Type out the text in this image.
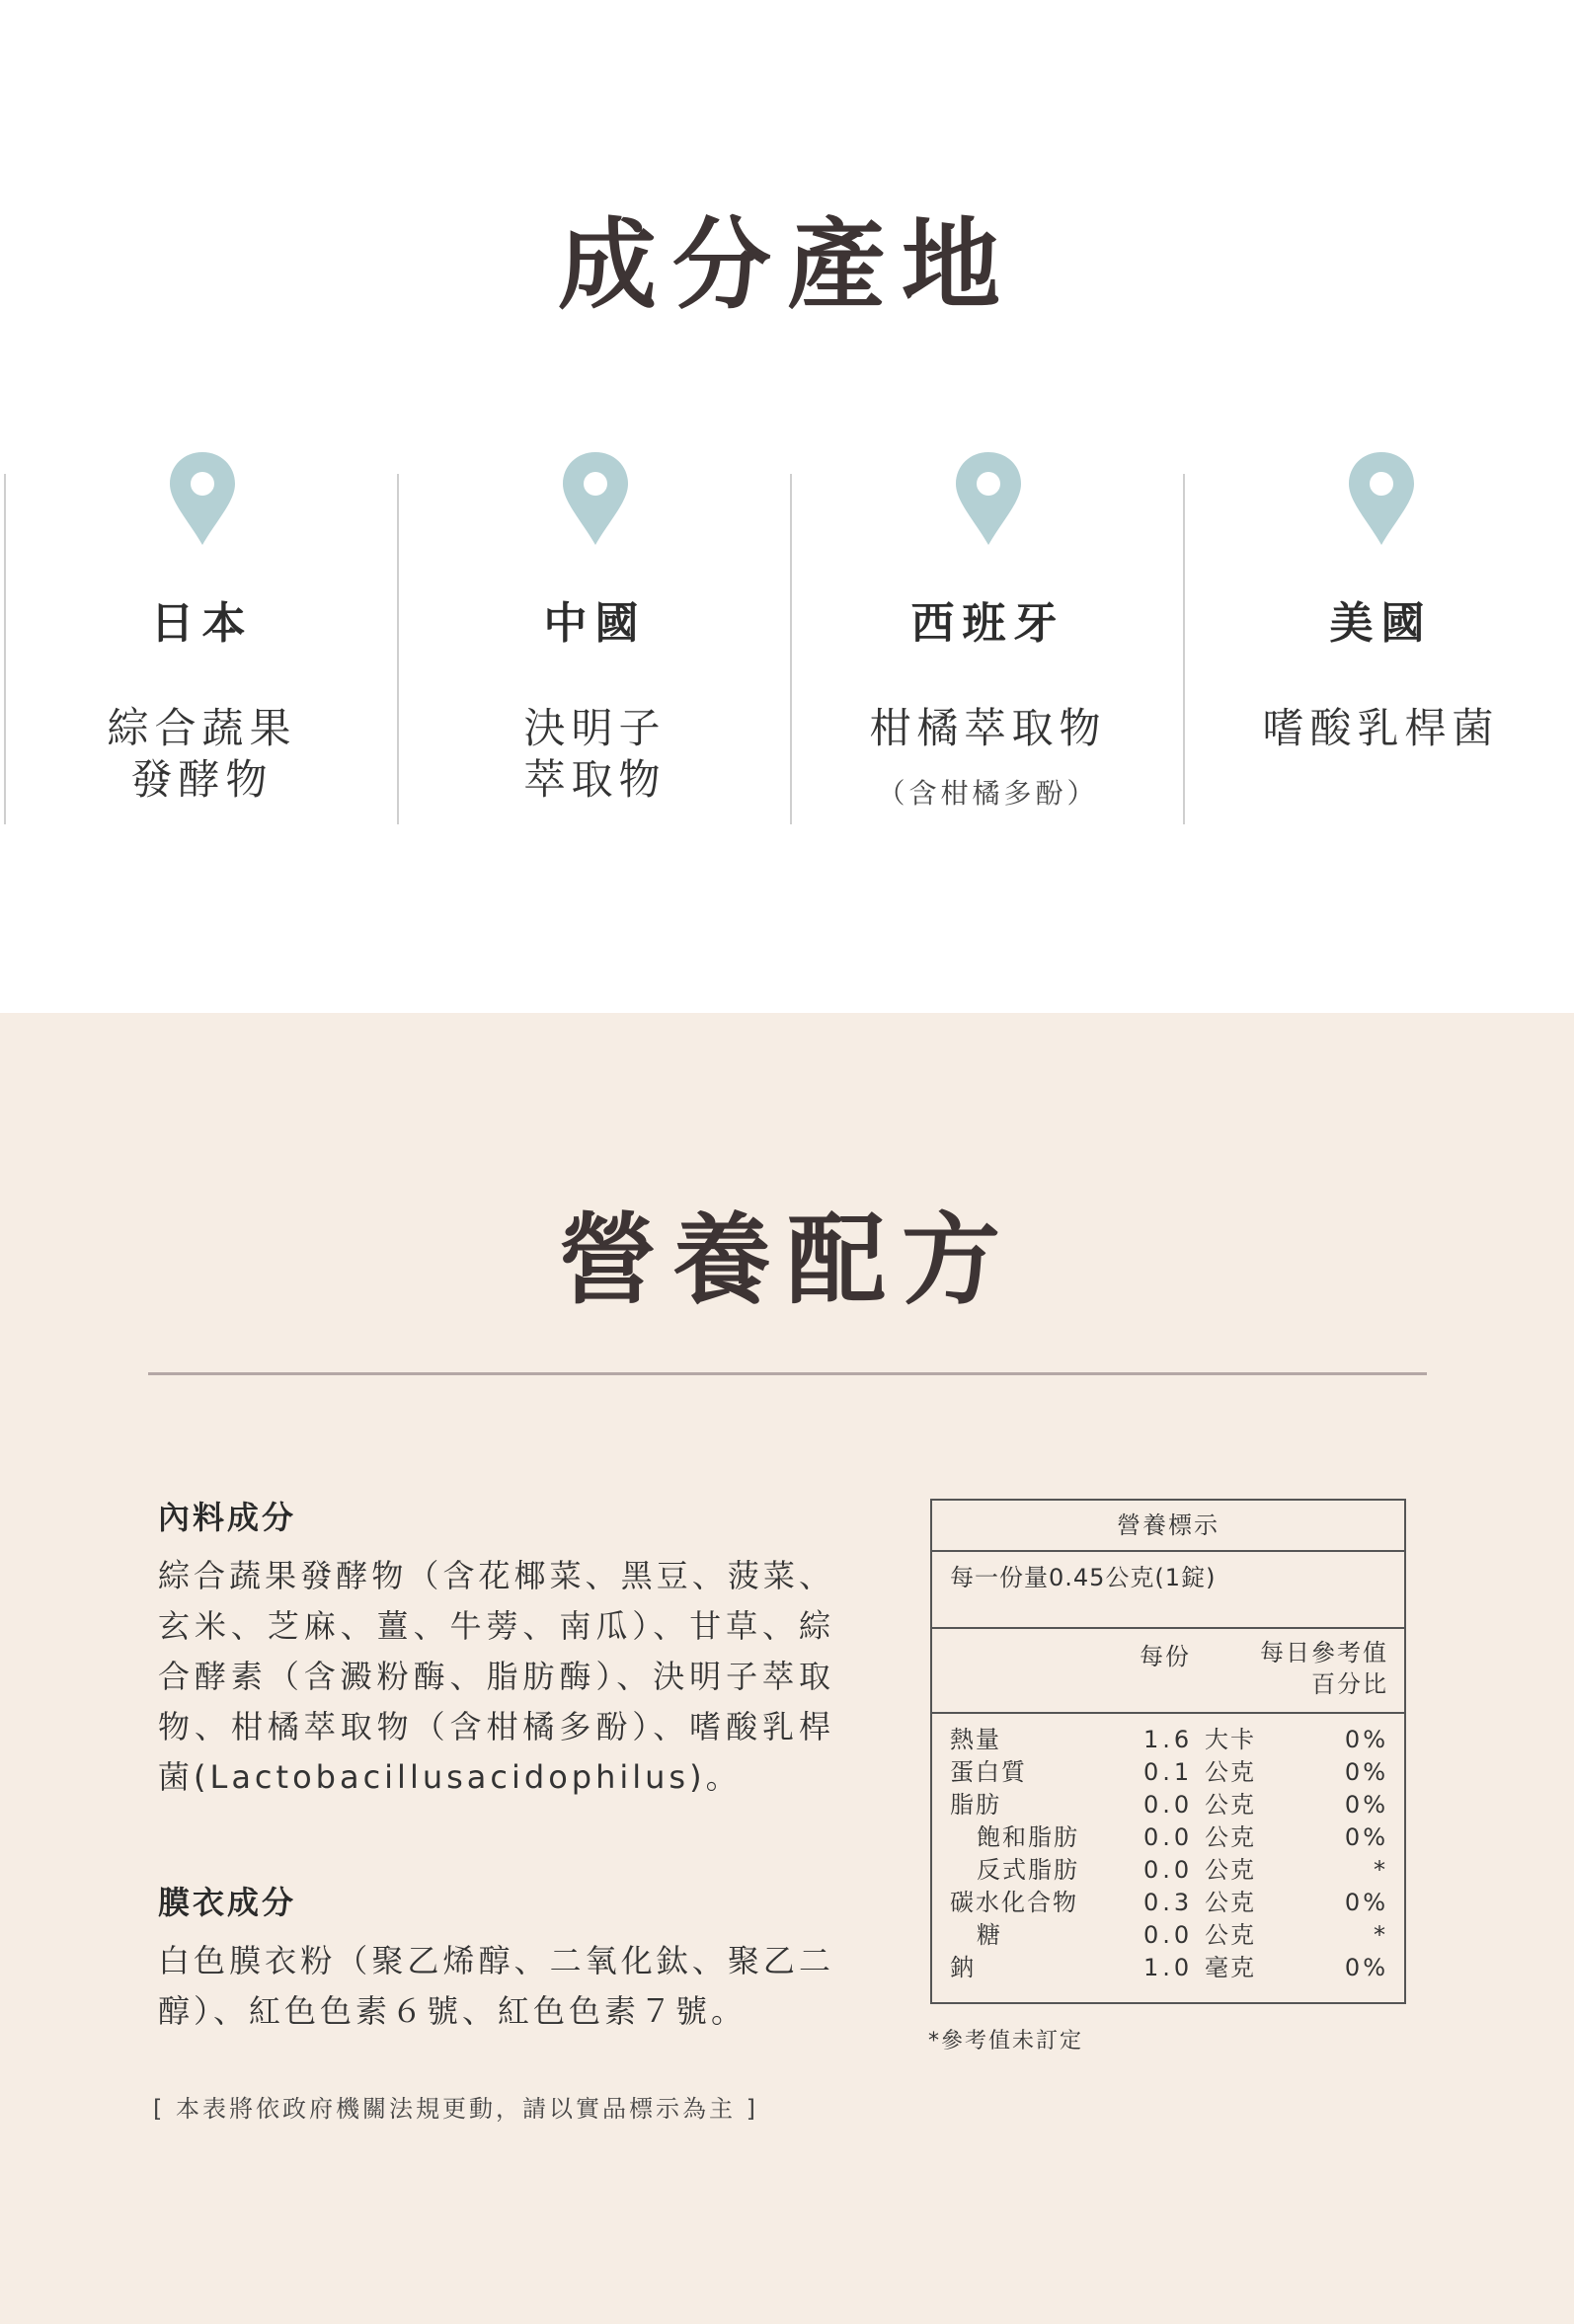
成分產地
日本
綜合蔬果
發酵物
中國
決明子
萃取物
西班牙
柑橘萃取物
（含柑橘多酚）
美國
嗜酸乳桿菌
營養配方
內料成分
綜合蔬果發酵物（含花椰菜、黑豆、菠菜、玄米、芝麻、薑、牛蒡、南瓜）、甘草、綜合酵素（含澱粉酶、脂肪酶）、決明子萃取物、柑橘萃取物（含柑橘多酚）、嗜酸乳桿菌(Lactobacillusacidophilus)。
膜衣成分
白色膜衣粉（聚乙烯醇、二氧化鈦、聚乙二醇）、紅色色素６號、紅色色素７號。
[ 本表將依政府機關法規更動，請以實品標示為主 ]
營養標示
每一份量0.45公克(1錠)
每份	每日參考值
百分比
熱量	1.6 大卡	0%
蛋白質	0.1 公克	0%
脂肪	0.0 公克	0%
飽和脂肪	0.0 公克	0%
反式脂肪	0.0 公克	*
碳水化合物	0.3 公克	0%
糖	0.0 公克	*
鈉	1.0 毫克	0%
*參考值未訂定
